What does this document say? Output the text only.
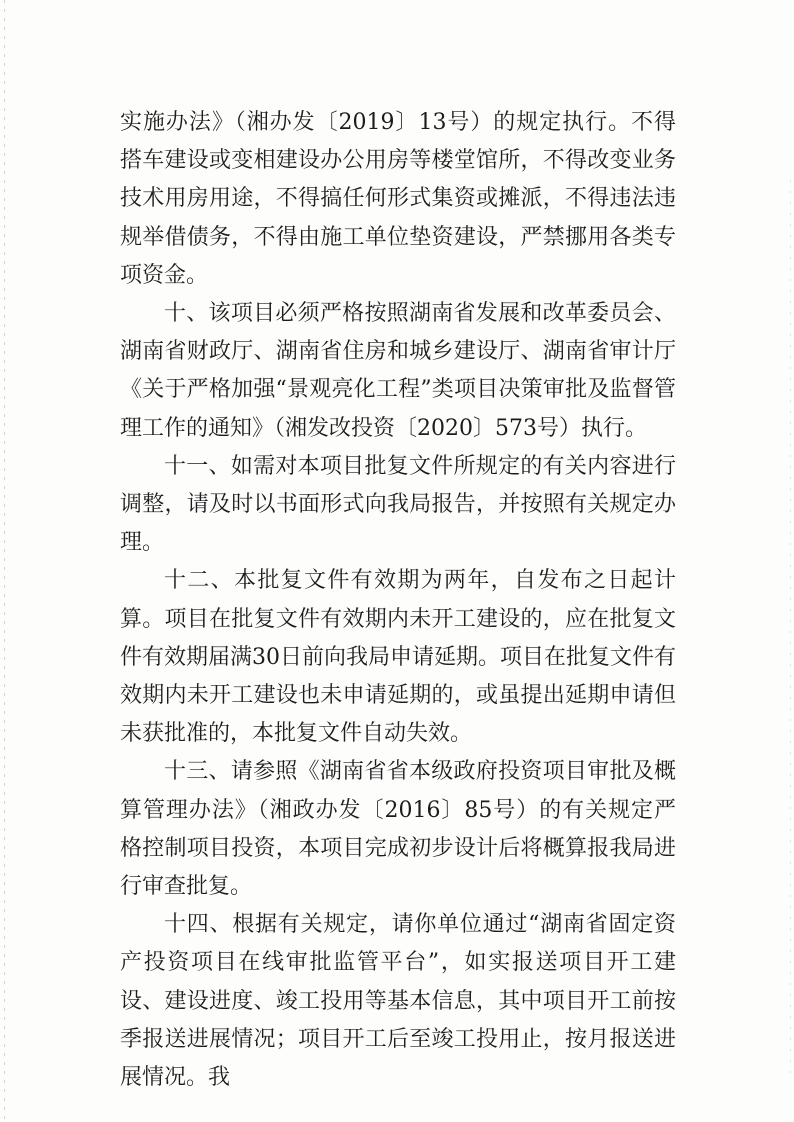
实施办法》（湘办发〔2019〕13号）的规定执行。不得搭车建设或变相建设办公用房等楼堂馆所，不得改变业务技术用房用途，不得搞任何形式集资或摊派，不得违法违规举借债务，不得由施工单位垫资建设，严禁挪用各类专项资金。

十、该项目必须严格按照湖南省发展和改革委员会、湖南省财政厅、湖南省住房和城乡建设厅、湖南省审计厅《关于严格加强“景观亮化工程”类项目决策审批及监督管理工作的通知》（湘发改投资〔2020〕573号）执行。

十一、如需对本项目批复文件所规定的有关内容进行调整，请及时以书面形式向我局报告，并按照有关规定办理。

十二、本批复文件有效期为两年，自发布之日起计算。项目在批复文件有效期内未开工建设的，应在批复文件有效期届满30日前向我局申请延期。项目在批复文件有效期内未开工建设也未申请延期的，或虽提出延期申请但未获批准的，本批复文件自动失效。

十三、请参照《湖南省省本级政府投资项目审批及概算管理办法》（湘政办发〔2016〕85号）的有关规定严格控制项目投资，本项目完成初步设计后将概算报我局进行审查批复。

十四、根据有关规定，请你单位通过“湖南省固定资产投资项目在线审批监管平台”，如实报送项目开工建设、建设进度、竣工投用等基本信息，其中项目开工前按季报送进展情况；项目开工后至竣工投用止，按月报送进展情况。我
